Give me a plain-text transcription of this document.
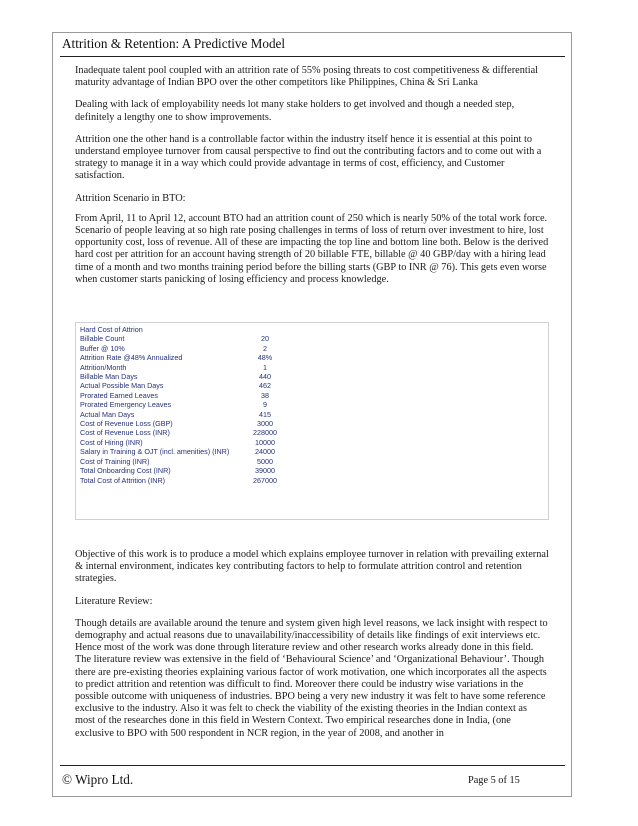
Attrition & Retention: A Predictive Model

Inadequate talent pool coupled with an attrition rate of 55% posing threats to cost competitiveness & differential maturity advantage of Indian BPO over the other competitors like Philippines, China & Sri Lanka

Dealing with lack of employability needs lot many stake holders to get involved and though a needed step, definitely a lengthy one to show improvements.

Attrition one the other hand is a controllable factor within the industry itself hence it is essential at this point to understand employee turnover from causal perspective to find out the contributing factors and to come out with a strategy to manage it in a way which could provide advantage in terms of cost, efficiency, and Customer satisfaction.

Attrition Scenario in BTO:

From April, 11 to April 12, account BTO had an attrition count of 250 which is nearly 50% of the total work force. Scenario of people leaving at so high rate posing challenges in terms of loss of return over investment to hire, lost opportunity cost, loss of revenue. All of these are impacting the top line and bottom line both. Below is the derived hard cost per attrition for an account having strength of 20 billable FTE, billable @ 40 GBP/day with a hiring lead time of a month and two months training period before the billing starts (GBP to INR @ 76). This gets even worse when customer starts panicking of losing efficiency and process knowledge.

Hard Cost of Attrion	
Billable Count	20
Buffer @ 10%	2
Attrition Rate @48% Annualized	48%
Attrition/Month	1
Billable Man Days	440
Actual Possible Man Days	462
Prorated Earned Leaves	38
Prorated Emergency Leaves	9
Actual Man Days	415
Cost of Revenue Loss (GBP)	3000
Cost of Revenue Loss (INR)	228000
Cost of Hiring (INR)	10000
Salary in Training & OJT (incl. amenities) (INR)	24000
Cost of Training (INR)	5000
Total Onboarding Cost (INR)	39000
Total Cost of Attrition (INR)	267000

Objective of this work is to produce a model which explains employee turnover in relation with prevailing external & internal environment, indicates key contributing factors to help to formulate attrition control and retention strategies.

Literature Review:

Though details are available around the tenure and system given high level reasons, we lack insight with respect to demography and actual reasons due to unavailability/inaccessibility of details like findings of exit interviews etc. Hence most of the work was done through literature review and other research works already done in this field. The literature review was extensive in the field of ‘Behavioural Science’ and ‘Organizational Behaviour’. Though there are pre-existing theories explaining various factor of work motivation, one which incorporates all the aspects to predict attrition and retention was difficult to find. Moreover there could be industry wise variations in the possible outcome with uniqueness of industries. BPO being a very new industry it was felt to have some reference exclusive to the industry. Also it was felt to check the viability of the existing theories in the Indian context as most of the researches done in this field in Western Context. Two empirical researches done in India, (one exclusive to BPO with 500 respondent in NCR region, in the year of 2008, and another in

© Wipro Ltd.	Page 5 of 15
